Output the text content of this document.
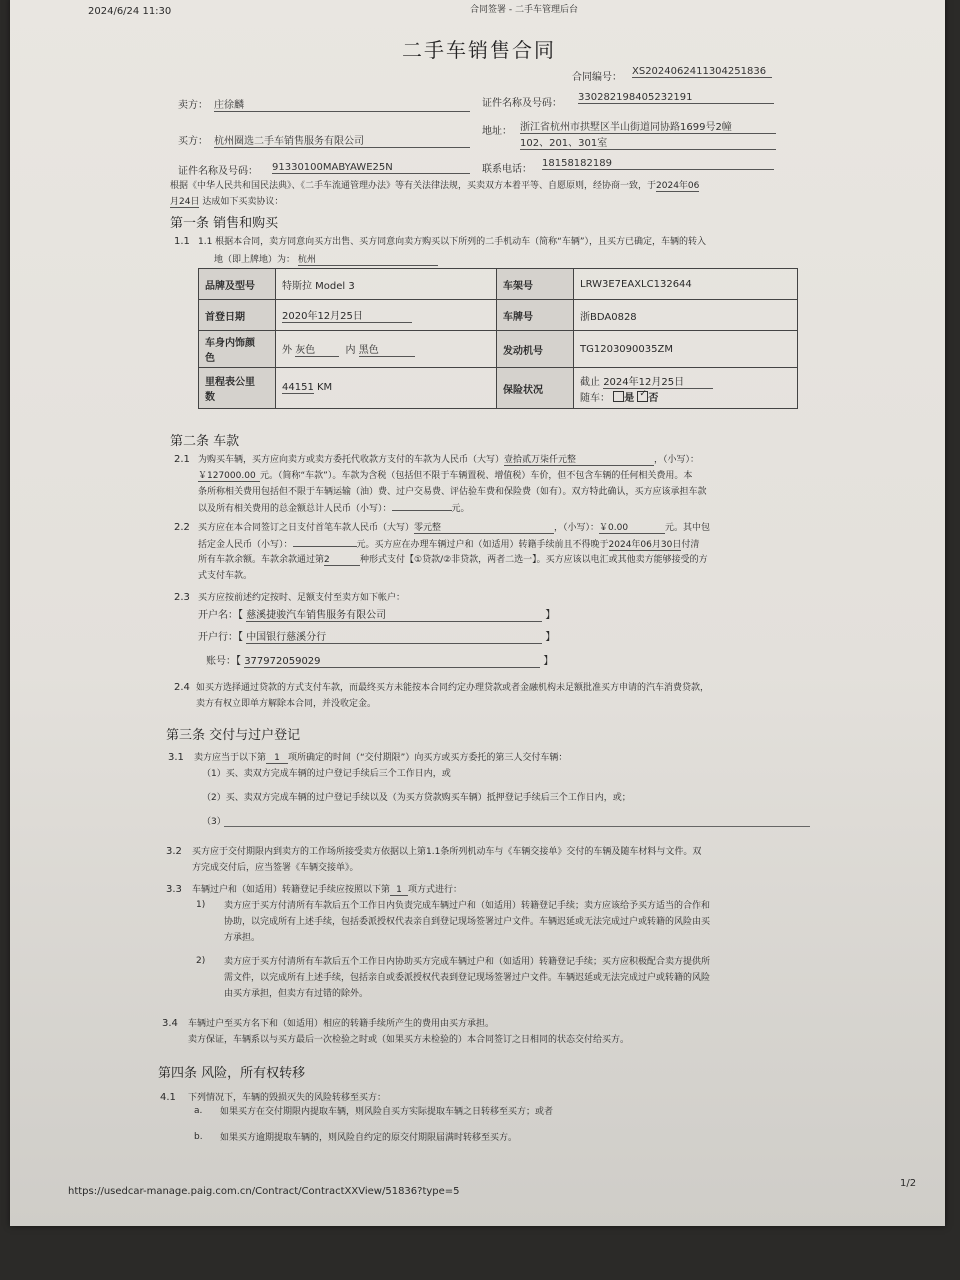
2024/6/24 11:30	合同签署 - 二手车管理后台
二手车销售合同
合同编号：
XS2024062411304251836
卖方： 庄徐麟	证件名称及号码：
330282198405232191
买方： 杭州圈选二手车销售服务有限公司
地址： 浙江省杭州市拱墅区半山街道同协路1699号2幢
102、201、301室
证件名称及号码： 91330100MABYAWE25N	联系电话：
18158182189
根据《中华人民共和国民法典》、《二手车流通管理办法》等有关法律法规，买卖双方本着平等、自愿原则，经协商一致，于2024年06
月24日 达成如下买卖协议：
第一条 销售和购买
1.1 1.1 根据本合同，卖方同意向买方出售、买方同意向卖方购买以下所列的二手机动车（简称“车辆”），且买方已确定，车辆的转入
地（即上牌地）为： 杭州
品牌及型号	特斯拉 Model 3	车架号	LRW3E7EAXLC132644
首登日期	2020年12月25日	车牌号	浙BDA0828
车身内饰颜
色	外 灰色 内 黑色	发动机号	TG1203090035ZM
里程表公里
数	44151 KM	保险状况	截止 2024年12月25日
随车： 是 ✓ 否
第二条 车款
2.1 为购买车辆，买方应向卖方或卖方委托代收款方支付的车款为人民币（大写）壹拾贰万柒仟元整	，（小写）：
￥127000.00 元。（简称“车款”）。车款为含税（包括但不限于车辆置税、增值税）车价，但不包含车辆的任何相关费用。本
条所称相关费用包括但不限于车辆运输（油）费、过户交易费、评估验车费和保险费（如有）。双方特此确认，买方应该承担车款
以及所有相关费用的总金额总计人民币（小写）：	元。
2.2 买方应在本合同签订之日支付首笔车款人民币（大写）零元整	，（小写）：￥0.00	元。其中包
括定金人民币（小写）：	元。买方应在办理车辆过户和（如适用）转籍手续前且不得晚于2024年06月30日付清
所有车款余额。车款余款通过第2	种形式支付【①贷款/②非贷款，两者二选一】。买方应该以电汇或其他卖方能够接受的方
式支付车款。
2.3 买方应按前述约定按时、足额支付至卖方如下帐户：
开户名：【 慈溪捷骏汽车销售服务有限公司	】
开户行：【 中国银行慈溪分行	】
账号：【 377972059029	】
2.4 如买方选择通过贷款的方式支付车款，而最终买方未能按本合同约定办理贷款或者金融机构未足额批准买方申请的汽车消费贷款，
卖方有权立即单方解除本合同，并没收定金。
第三条 交付与过户登记
3.1 卖方应当于以下第 1 项所确定的时间（“交付期限”）向买方或买方委托的第三人交付车辆：
（1）买、卖双方完成车辆的过户登记手续后三个工作日内，或
（2）买、卖双方完成车辆的过户登记手续以及（为买方贷款购买车辆）抵押登记手续后三个工作日内，或；
（3）
3.2 买方应于交付期限内到卖方的工作场所接受卖方依据以上第1.1条所列机动车与《车辆交接单》交付的车辆及随车材料与文件。双
方完成交付后，应当签署《车辆交接单》。
3.3 车辆过户和（如适用）转籍登记手续应按照以下第 1 项方式进行：
1) 卖方应于买方付清所有车款后五个工作日内负责完成车辆过户和（如适用）转籍登记手续；卖方应该给予买方适当的合作和
协助，以完成所有上述手续，包括委派授权代表亲自到登记现场签署过户文件。车辆迟延或无法完成过户或转籍的风险由买
方承担。
2) 卖方应于买方付清所有车款后五个工作日内协助买方完成车辆过户和（如适用）转籍登记手续；买方应积极配合卖方提供所
需文件，以完成所有上述手续，包括亲自或委派授权代表到登记现场签署过户文件。车辆迟延或无法完成过户或转籍的风险
由买方承担，但卖方有过错的除外。
3.4 车辆过户至买方名下和（如适用）相应的转籍手续所产生的费用由买方承担。
卖方保证，车辆系以与买方最后一次检验之时或（如果买方未检验的）本合同签订之日相同的状态交付给买方。
第四条 风险，所有权转移
4.1 下列情况下，车辆的毁损灭失的风险转移至买方：
a. 如果买方在交付期限内提取车辆，则风险自买方实际提取车辆之日转移至买方；或者
b. 如果买方逾期提取车辆的，则风险自约定的原交付期限届满时转移至买方。
https://usedcar-manage.paig.com.cn/Contract/ContractXXView/51836?type=5
1/2
